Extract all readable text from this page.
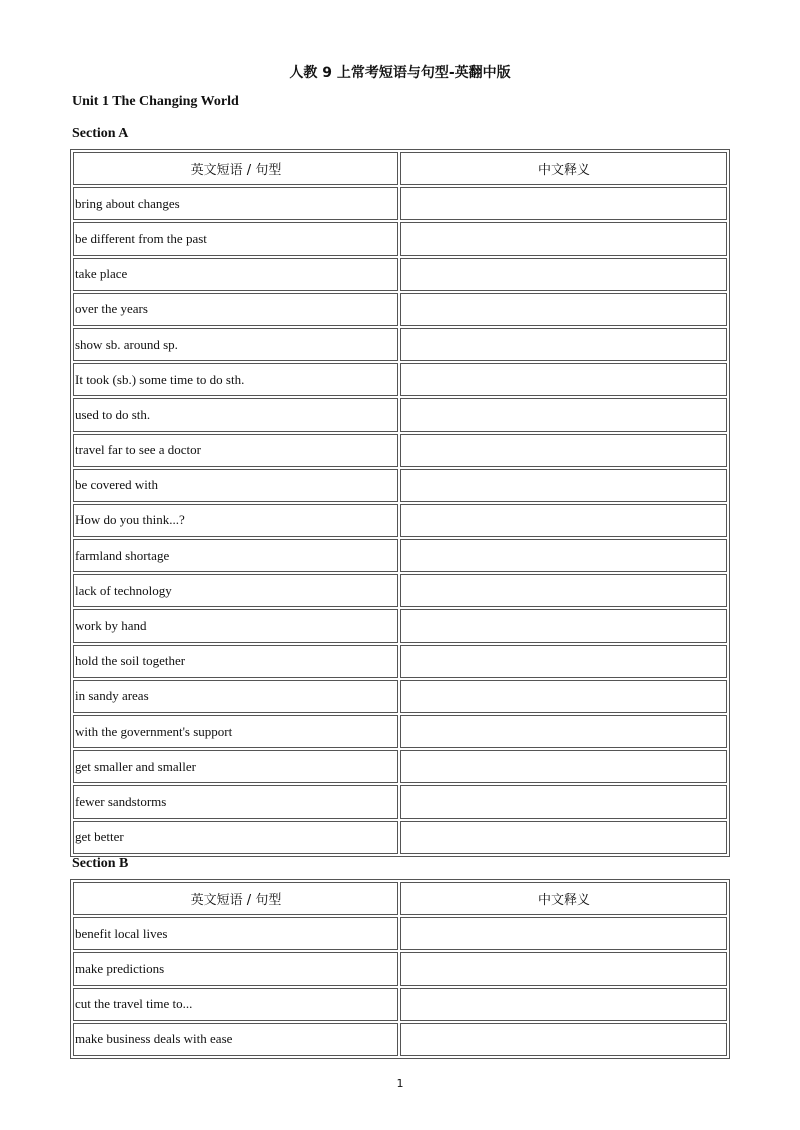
人教 9 上常考短语与句型-英翻中版
Unit 1 The Changing World
Section A
英文短语 / 句型	中文释义
bring about changes	
be different from the past	
take place	
over the years	
show sb. around sp.	
It took (sb.) some time to do sth.	
used to do sth.	
travel far to see a doctor	
be covered with	
How do you think...?	
farmland shortage	
lack of technology	
work by hand	
hold the soil together	
in sandy areas	
with the government's support	
get smaller and smaller	
fewer sandstorms	
get better	
Section B
英文短语 / 句型	中文释义
benefit local lives	
make predictions	
cut the travel time to...	
make business deals with ease	
1
